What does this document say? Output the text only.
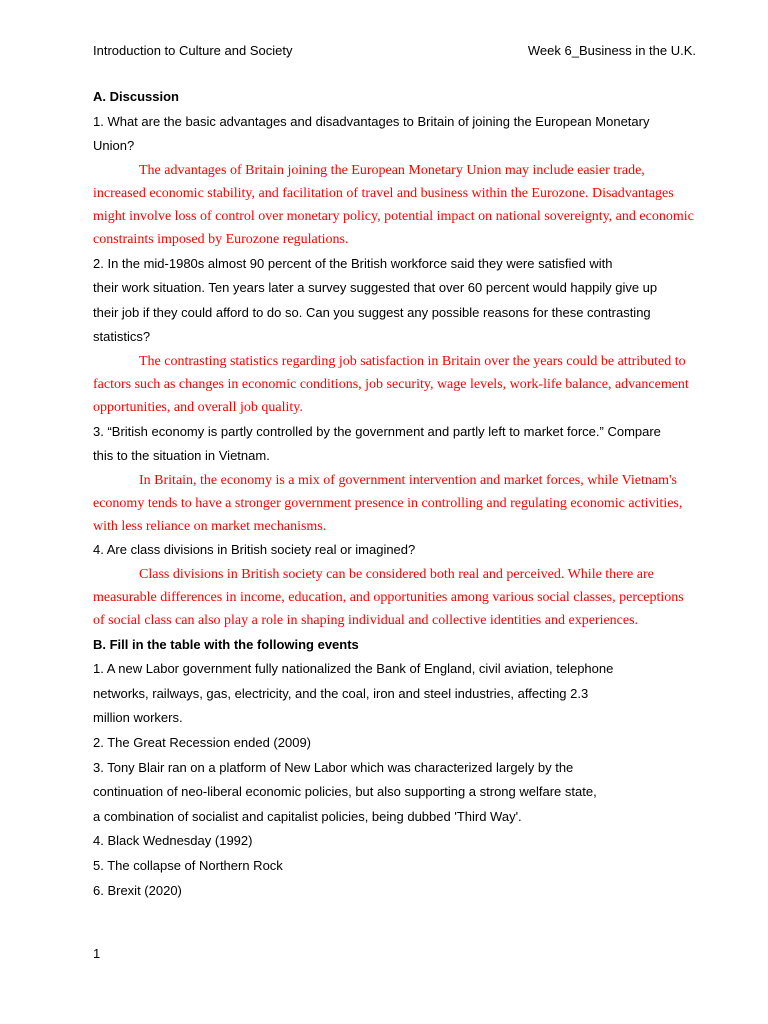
Introduction to Culture and Society	Week 6_Business in the U.K.

A. Discussion

1. What are the basic advantages and disadvantages to Britain of joining the European Monetary
Union?

The advantages of Britain joining the European Monetary Union may include easier trade, increased economic stability, and facilitation of travel and business within the Eurozone. Disadvantages might involve loss of control over monetary policy, potential impact on national sovereignty, and economic constraints imposed by Eurozone regulations.

2. In the mid-1980s almost 90 percent of the British workforce said they were satisfied with
their work situation. Ten years later a survey suggested that over 60 percent would happily give up
their job if they could afford to do so. Can you suggest any possible reasons for these contrasting
statistics?

The contrasting statistics regarding job satisfaction in Britain over the years could be attributed to factors such as changes in economic conditions, job security, wage levels, work-life balance, advancement opportunities, and overall job quality.

3. “British economy is partly controlled by the government and partly left to market force.” Compare
this to the situation in Vietnam.

In Britain, the economy is a mix of government intervention and market forces, while Vietnam's economy tends to have a stronger government presence in controlling and regulating economic activities, with less reliance on market mechanisms.

4. Are class divisions in British society real or imagined?

Class divisions in British society can be considered both real and perceived. While there are measurable differences in income, education, and opportunities among various social classes, perceptions of social class can also play a role in shaping individual and collective identities and experiences.

B. Fill in the table with the following events

1. A new Labor government fully nationalized the Bank of England, civil aviation, telephone
networks, railways, gas, electricity, and the coal, iron and steel industries, affecting 2.3
million workers.

2. The Great Recession ended (2009)

3. Tony Blair ran on a platform of New Labor which was characterized largely by the
continuation of neo-liberal economic policies, but also supporting a strong welfare state,
a combination of socialist and capitalist policies, being dubbed 'Third Way'.

4. Black Wednesday (1992)

5. The collapse of Northern Rock

6. Brexit (2020)

1
